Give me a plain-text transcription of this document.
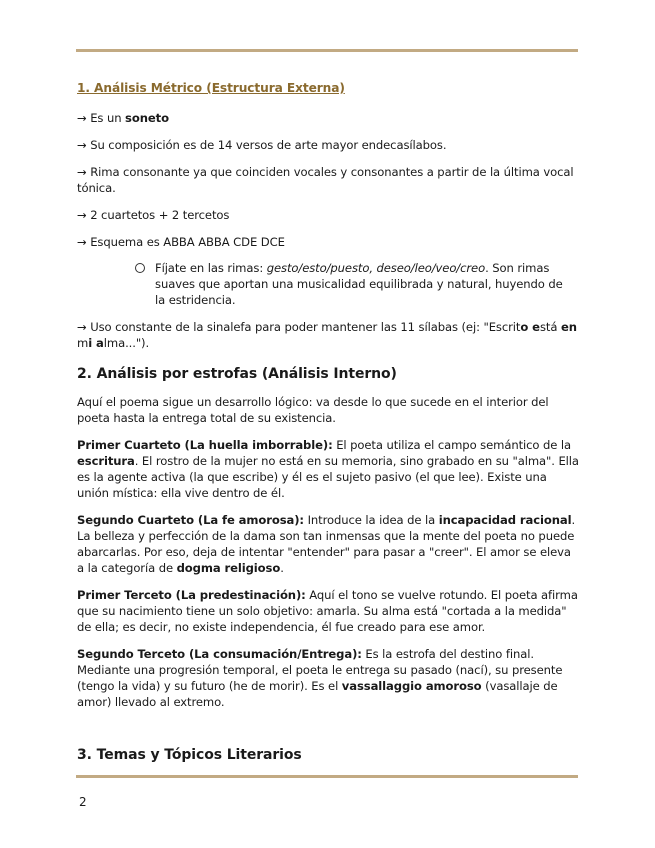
1. Análisis Métrico (Estructura Externa)

→ Es un soneto

→ Su composición es de 14 versos de arte mayor endecasílabos.

→ Rima consonante ya que coinciden vocales y consonantes a partir de la última vocal tónica.

→ 2 cuartetos + 2 tercetos

→ Esquema es ABBA ABBA CDE DCE

Fíjate en las rimas: gesto/esto/puesto, deseo/leo/veo/creo. Son rimas suaves que aportan una musicalidad equilibrada y natural, huyendo de la estridencia.

→ Uso constante de la sinalefa para poder mantener las 11 sílabas (ej: "Escrito está en mi alma...").

2. Análisis por estrofas (Análisis Interno)

Aquí el poema sigue un desarrollo lógico: va desde lo que sucede en el interior del poeta hasta la entrega total de su existencia.

Primer Cuarteto (La huella imborrable): El poeta utiliza el campo semántico de la escritura. El rostro de la mujer no está en su memoria, sino grabado en su "alma". Ella es la agente activa (la que escribe) y él es el sujeto pasivo (el que lee). Existe una unión mística: ella vive dentro de él.

Segundo Cuarteto (La fe amorosa): Introduce la idea de la incapacidad racional. La belleza y perfección de la dama son tan inmensas que la mente del poeta no puede abarcarlas. Por eso, deja de intentar "entender" para pasar a "creer". El amor se eleva a la categoría de dogma religioso.

Primer Terceto (La predestinación): Aquí el tono se vuelve rotundo. El poeta afirma que su nacimiento tiene un solo objetivo: amarla. Su alma está "cortada a la medida" de ella; es decir, no existe independencia, él fue creado para ese amor.

Segundo Terceto (La consumación/Entrega): Es la estrofa del destino final. Mediante una progresión temporal, el poeta le entrega su pasado (nací), su presente (tengo la vida) y su futuro (he de morir). Es el vassallaggio amoroso (vasallaje de amor) llevado al extremo.

3. Temas y Tópicos Literarios
2
